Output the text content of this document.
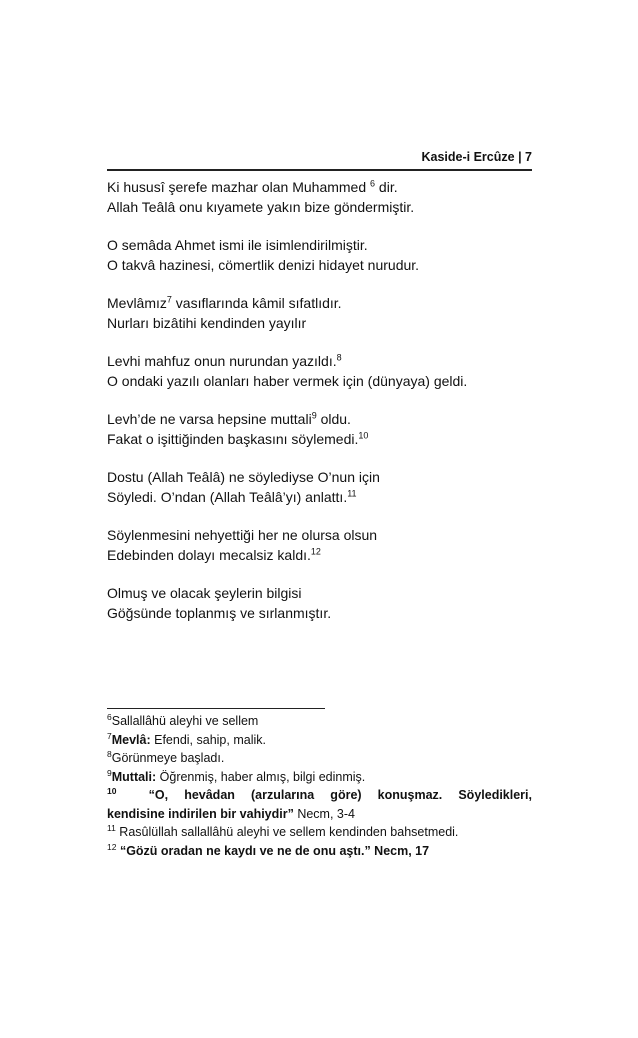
Kaside-i Ercûze | 7
Ki hususî şerefe mazhar olan Muhammed $^6$ dir.
Allah Teâlâ onu kıyamete yakın bize göndermiştir.
O semâda Ahmet ismi ile isimlendirilmiştir.
O takvâ hazinesi, cömertlik denizi hidayet nurudur.
Mevlâmız$^7$ vasıflarında kâmil sıfatlıdır.
Nurları bizâtihi kendinden yayılır
Levhi mahfuz onun nurundan yazıldı.$^8$
O ondaki yazılı olanları haber vermek için (dünyaya) geldi.
Levh’de ne varsa hepsine muttali$^9$ oldu.
Fakat o işittiğinden başkasını söylemedi.$^{10}$
Dostu (Allah Teâlâ) ne söylediyse O’nun için
Söyledi. O’ndan (Allah Teâlâ’yı) anlattı.$^{11}$
Söylenmesini nehyettiği her ne olursa olsun
Edebinden dolayı mecalsiz kaldı.$^{12}$
Olmuş ve olacak şeylerin bilgisi
Göğsünde toplanmış ve sırlanmıştır.
$^6$Sallallâhü aleyhi ve sellem
$^7$Mevlâ: Efendi, sahip, malik.
$^8$Görünmeye başladı.
$^9$Muttali: Öğrenmiş, haber almış, bilgi edinmiş.
$^{10}$	“O, hevâdan (arzularına göre) konuşmaz. Söyledikleri,
kendisine indirilen bir vahiydir” Necm, 3-4
$^{11}$ Rasûlüllah sallallâhü aleyhi ve sellem kendinden bahsetmedi.
$^{12}$ “Gözü oradan ne kaydı ve ne de onu aştı.” Necm, 17
